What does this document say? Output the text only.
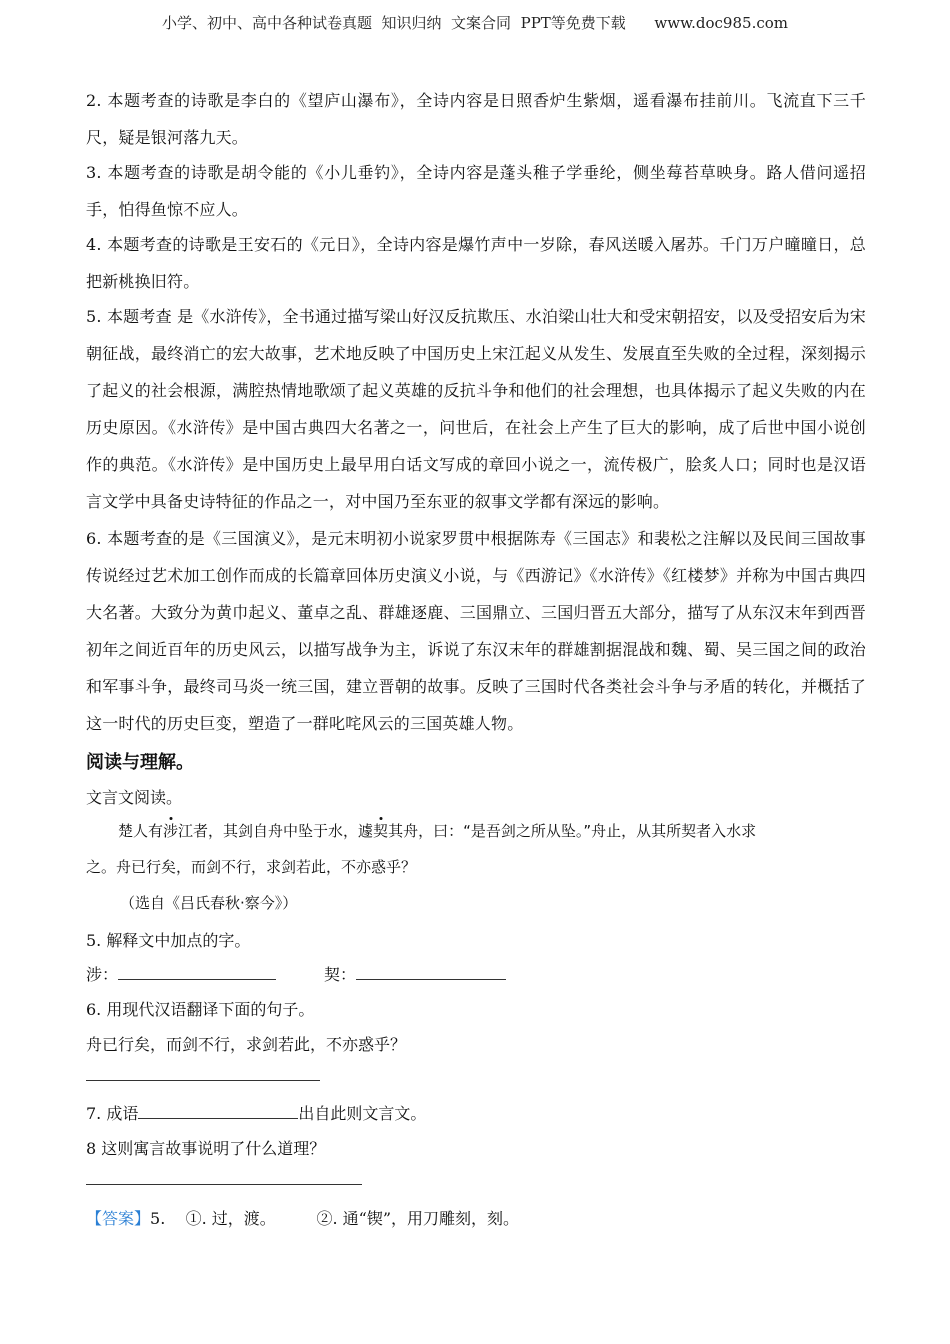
小学、初中、高中各种试卷真题  知识归纳  文案合同  PPT等免费下载      www.doc985.com
2. 本题考查的诗歌是李白的《望庐山瀑布》，全诗内容是日照香炉生紫烟，遥看瀑布挂前川。飞流直下三千尺，疑是银河落九天。
3. 本题考查的诗歌是胡令能的《小儿垂钓》，全诗内容是蓬头稚子学垂纶，侧坐莓苔草映身。路人借问遥招手，怕得鱼惊不应人。
4. 本题考查的诗歌是王安石的《元日》，全诗内容是爆竹声中一岁除，春风送暖入屠苏。千门万户曈曈日，总把新桃换旧符。
5. 本题考查 是《水浒传》，全书通过描写梁山好汉反抗欺压、水泊梁山壮大和受宋朝招安，以及受招安后为宋朝征战，最终消亡的宏大故事，艺术地反映了中国历史上宋江起义从发生、发展直至失败的全过程，深刻揭示了起义的社会根源，满腔热情地歌颂了起义英雄的反抗斗争和他们的社会理想，也具体揭示了起义失败的内在历史原因。《水浒传》是中国古典四大名著之一，问世后，在社会上产生了巨大的影响，成了后世中国小说创作的典范。《水浒传》是中国历史上最早用白话文写成的章回小说之一，流传极广，脍炙人口；同时也是汉语言文学中具备史诗特征的作品之一，对中国乃至东亚的叙事文学都有深远的影响。
6. 本题考查的是《三国演义》，是元末明初小说家罗贯中根据陈寿《三国志》和裴松之注解以及民间三国故事传说经过艺术加工创作而成的长篇章回体历史演义小说，与《西游记》《水浒传》《红楼梦》并称为中国古典四大名著。大致分为黄巾起义、董卓之乱、群雄逐鹿、三国鼎立、三国归晋五大部分，描写了从东汉末年到西晋初年之间近百年的历史风云，以描写战争为主，诉说了东汉末年的群雄割据混战和魏、蜀、吴三国之间的政治和军事斗争，最终司马炎一统三国，建立晋朝的故事。反映了三国时代各类社会斗争与矛盾的转化，并概括了这一时代的历史巨变，塑造了一群叱咤风云的三国英雄人物。
阅读与理解。
文言文阅读。
楚人有涉江者，其剑自舟中坠于水，遽契其舟，曰：“是吾剑之所从坠。”舟止，从其所契者入水求
之。舟已行矣，而剑不行，求剑若此，不亦惑乎？
（选自《吕氏春秋·察今》）
5. 解释文中加点的字。
涉：	契：
6. 用现代汉语翻译下面的句子。
舟已行矣，而剑不行，求剑若此，不亦惑乎？
7. 成语	出自此则文言文。
8 这则寓言故事说明了什么道理？
【答案】5.    ①. 过，渡。        ②. 通“锲”，用刀雕刻，刻。
